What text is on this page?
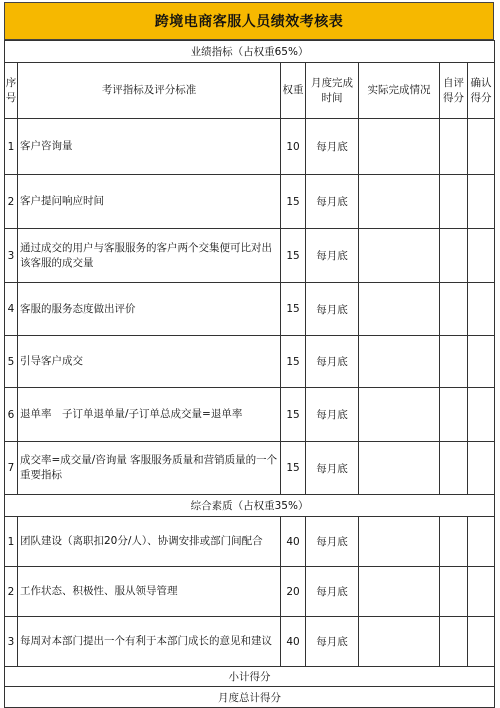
跨境电商客服人员绩效考核表
业绩指标（占权重65%）						
序号	考评指标及评分标准	权重	月度完成时间	实际完成情况	自评得分	确认得分
1	客户咨询量	10	每月底			
2	客户提问响应时间	15	每月底			
3	通过成交的用户与客服服务的客户两个交集便可比对出该客服的成交量	15	每月底			
4	客服的服务态度做出评价	15	每月底			
5	引导客户成交	15	每月底			
6	退单率　子订单退单量/子订单总成交量=退单率	15	每月底			
7	成交率=成交量/咨询量 客服服务质量和营销质量的一个重要指标	15	每月底			
综合素质（占权重35%）						
1	团队建设（离职扣20分/人）、协调安排或部门间配合	40	每月底			
2	工作状态、积极性、服从领导管理	20	每月底			
3	每周对本部门提出一个有利于本部门成长的意见和建议	40	每月底			
小计得分						
月度总计得分						
